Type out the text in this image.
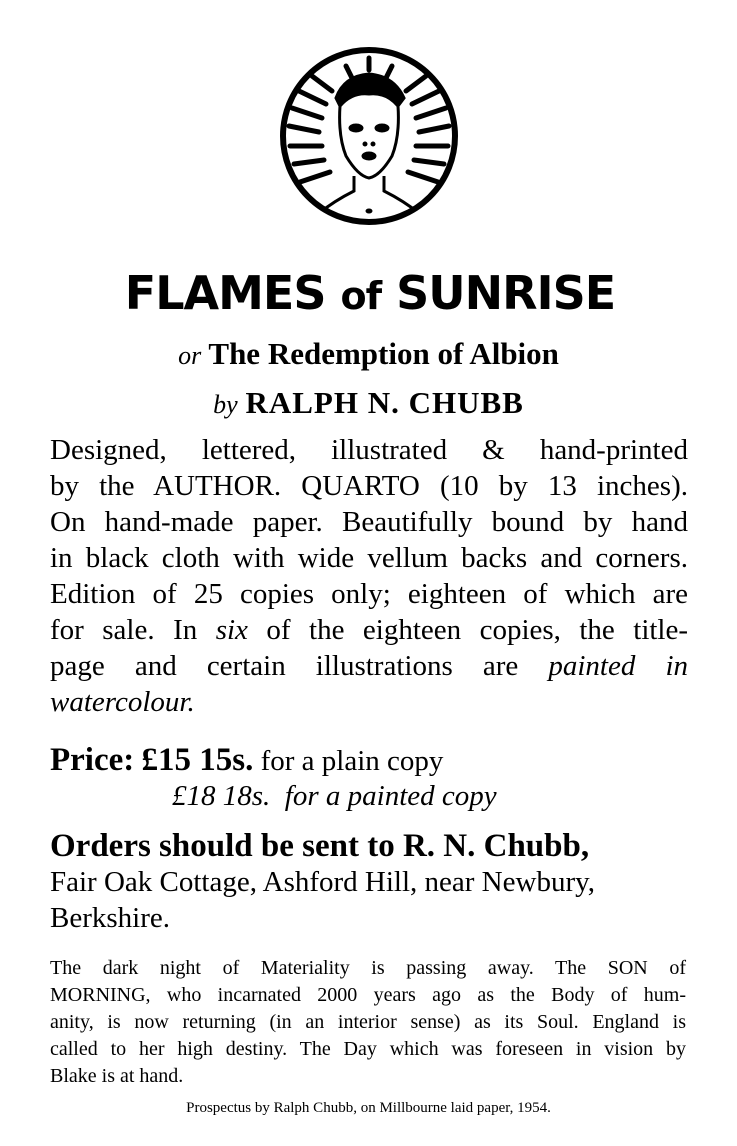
FLAMES of SUNRISE
or The Redemption of Albion
by RALPH N. CHUBB
Designed, lettered, illustrated & hand-printed
by the AUTHOR. QUARTO (10 by 13 inches).
On hand-made paper. Beautifully bound by hand
in black cloth with wide vellum backs and corners.
Edition of 25 copies only; eighteen of which are
for sale. In six of the eighteen copies, the title-
page and certain illustrations are painted in
watercolour.
Price: £15 15s. for a plain copy
£18 18s. for a painted copy
Orders should be sent to R. N. Chubb,
Fair Oak Cottage, Ashford Hill, near Newbury,
Berkshire.
The dark night of Materiality is passing away. The SON of
MORNING, who incarnated 2000 years ago as the Body of hum-
anity, is now returning (in an interior sense) as its Soul. England is
called to her high destiny. The Day which was foreseen in vision by
Blake is at hand.
Prospectus by Ralph Chubb, on Millbourne laid paper, 1954.
